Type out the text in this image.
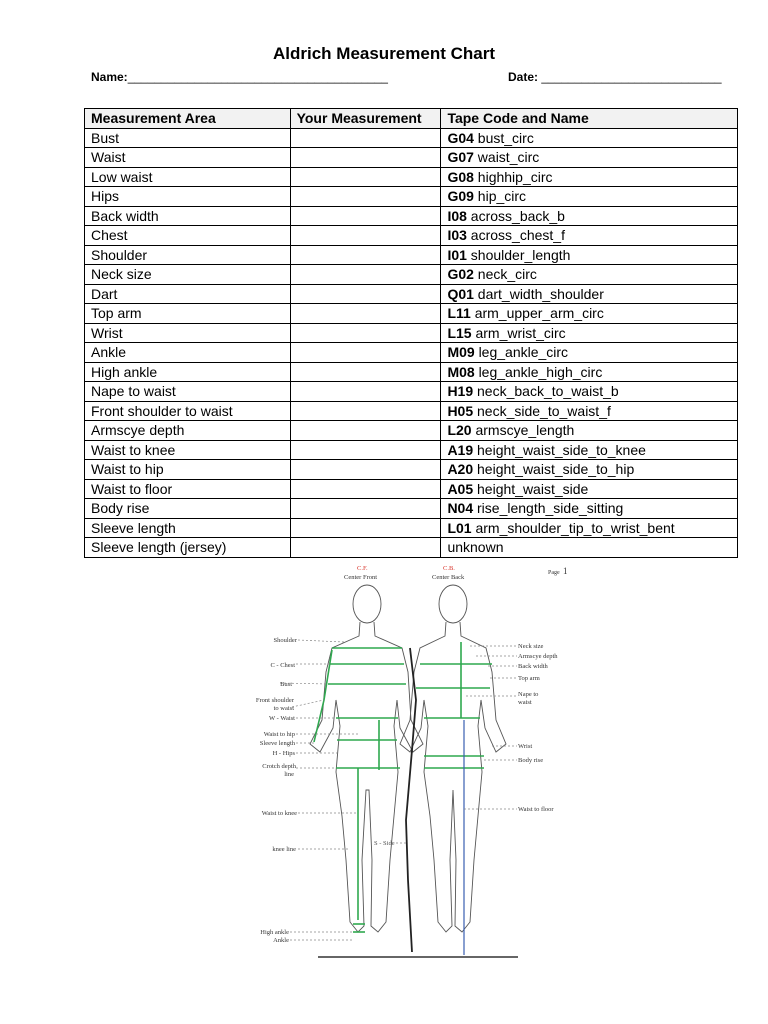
Aldrich Measurement Chart
Name:_______________________________________	Date: ___________________________
Measurement Area	Your Measurement	Tape Code and Name
Bust		G04 bust_circ
Waist		G07 waist_circ
Low waist		G08 highhip_circ
Hips		G09 hip_circ
Back width		I08 across_back_b
Chest		I03 across_chest_f
Shoulder		I01 shoulder_length
Neck size		G02 neck_circ
Dart		Q01 dart_width_shoulder
Top arm		L11 arm_upper_arm_circ
Wrist		L15 arm_wrist_circ
Ankle		M09 leg_ankle_circ
High ankle		M08 leg_ankle_high_circ
Nape to waist		H19 neck_back_to_waist_b
Front shoulder to waist		H05 neck_side_to_waist_f
Armscye depth		L20 armscye_length
Waist to knee		A19 height_waist_side_to_knee
Waist to hip		A20 height_waist_side_to_hip
Waist to floor		A05 height_waist_side
Body rise		N04 rise_length_side_sitting
Sleeve length		L01 arm_shoulder_tip_to_wrist_bent
Sleeve length (jersey)		unknown
C.F.
Center Front
C.B.
Center Back
Page 1
Shoulder
C - Chest
Bust
Front shoulder
to waist
W - Waist
Waist to hip
Sleeve length
H - Hips
Crotch depth
line
Waist to knee
knee line
S - Side
High ankle
Ankle
Neck size
Armscye depth
Back width
Top arm
Nape to
waist
Wrist
Body rise
Waist to floor
